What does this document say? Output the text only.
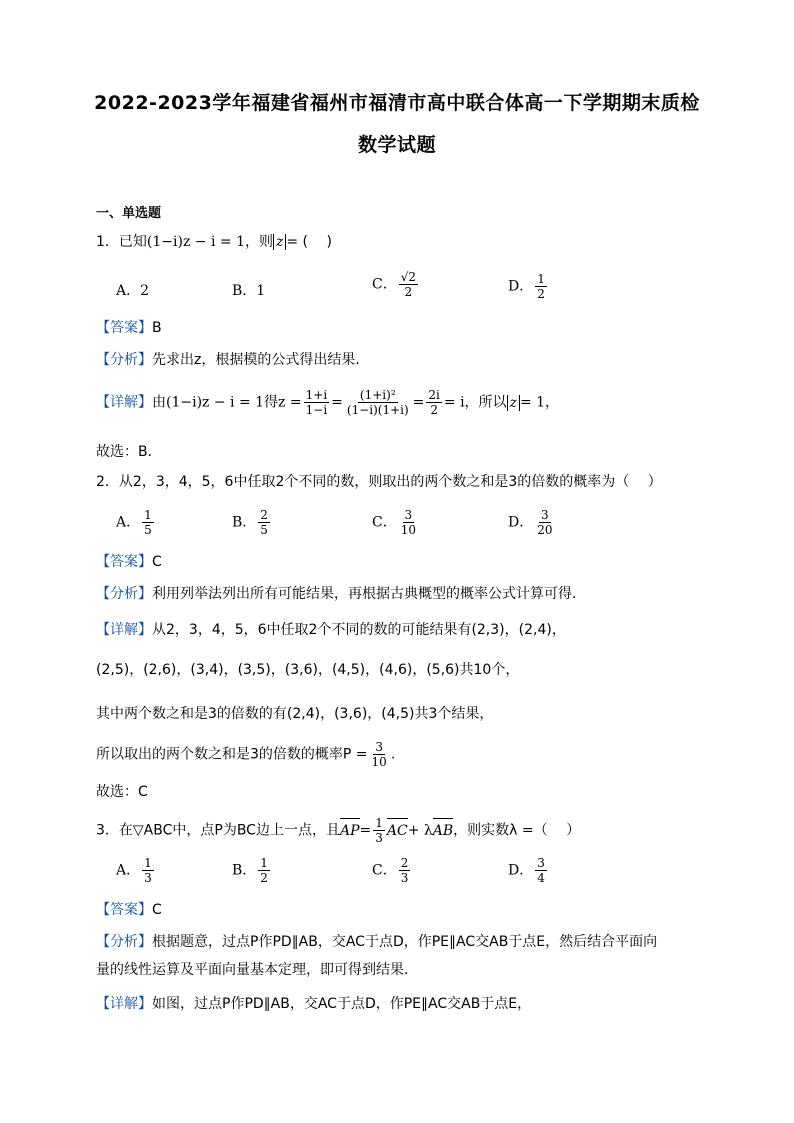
2022-2023学年福建省福州市福清市高中联合体高一下学期期末质检
数学试题
一、单选题
1．已知(1−i)z − i = 1，则 z = (　 )
A．2	B．1	C． $\frac{√2}{2}$	D． $\frac{1}{2}$
【答案】B
【分析】先求出z，根据模的公式得出结果．
【详解】由(1−i)z − i = 1得$z = \frac{1+i}{1-i} = \frac{\text{(1+i)²}}{(1-i)(1+i)} = \frac{2i}{2} = i$，所以 z = 1，
故选：B．
2．从2，3，4，5，6中任取2个不同的数，则取出的两个数之和是3的倍数的概率为（　 ）
A． $\frac{1}{5}$	B． $\frac{2}{5}$	C． $\frac{3}{10}$	D． $\frac{3}{20}$
【答案】C
【分析】利用列举法列出所有可能结果，再根据古典概型的概率公式计算可得.
【详解】从2，3，4，5，6中任取2个不同的数的可能结果有(2,3)，(2,4)，
(2,5)，(2,6)，(3,4)，(3,5)，(3,6)，(4,5)，(4,6)，(5,6)共10个，
其中两个数之和是3的倍数的有(2,4)，(3,6)，(4,5)共3个结果，
所以取出的两个数之和是3的倍数的概率$P = \frac{3}{10}$ .
故选：C
3．在▽ABC中，点P为BC边上一点，且$AP= \frac{1}{3} AC+ \lambda AB$，则实数λ =（　 ）
A． $\frac{1}{3}$	B． $\frac{1}{2}$	C． $\frac{2}{3}$	D． $\frac{3}{4}$
【答案】C
【分析】根据题意，过点P作PD∥AB，交AC于点D，作PE∥AC交AB于点E，然后结合平面向
量的线性运算及平面向量基本定理，即可得到结果．
【详解】如图，过点P作PD∥AB，交AC于点D，作PE∥AC交AB于点E，
